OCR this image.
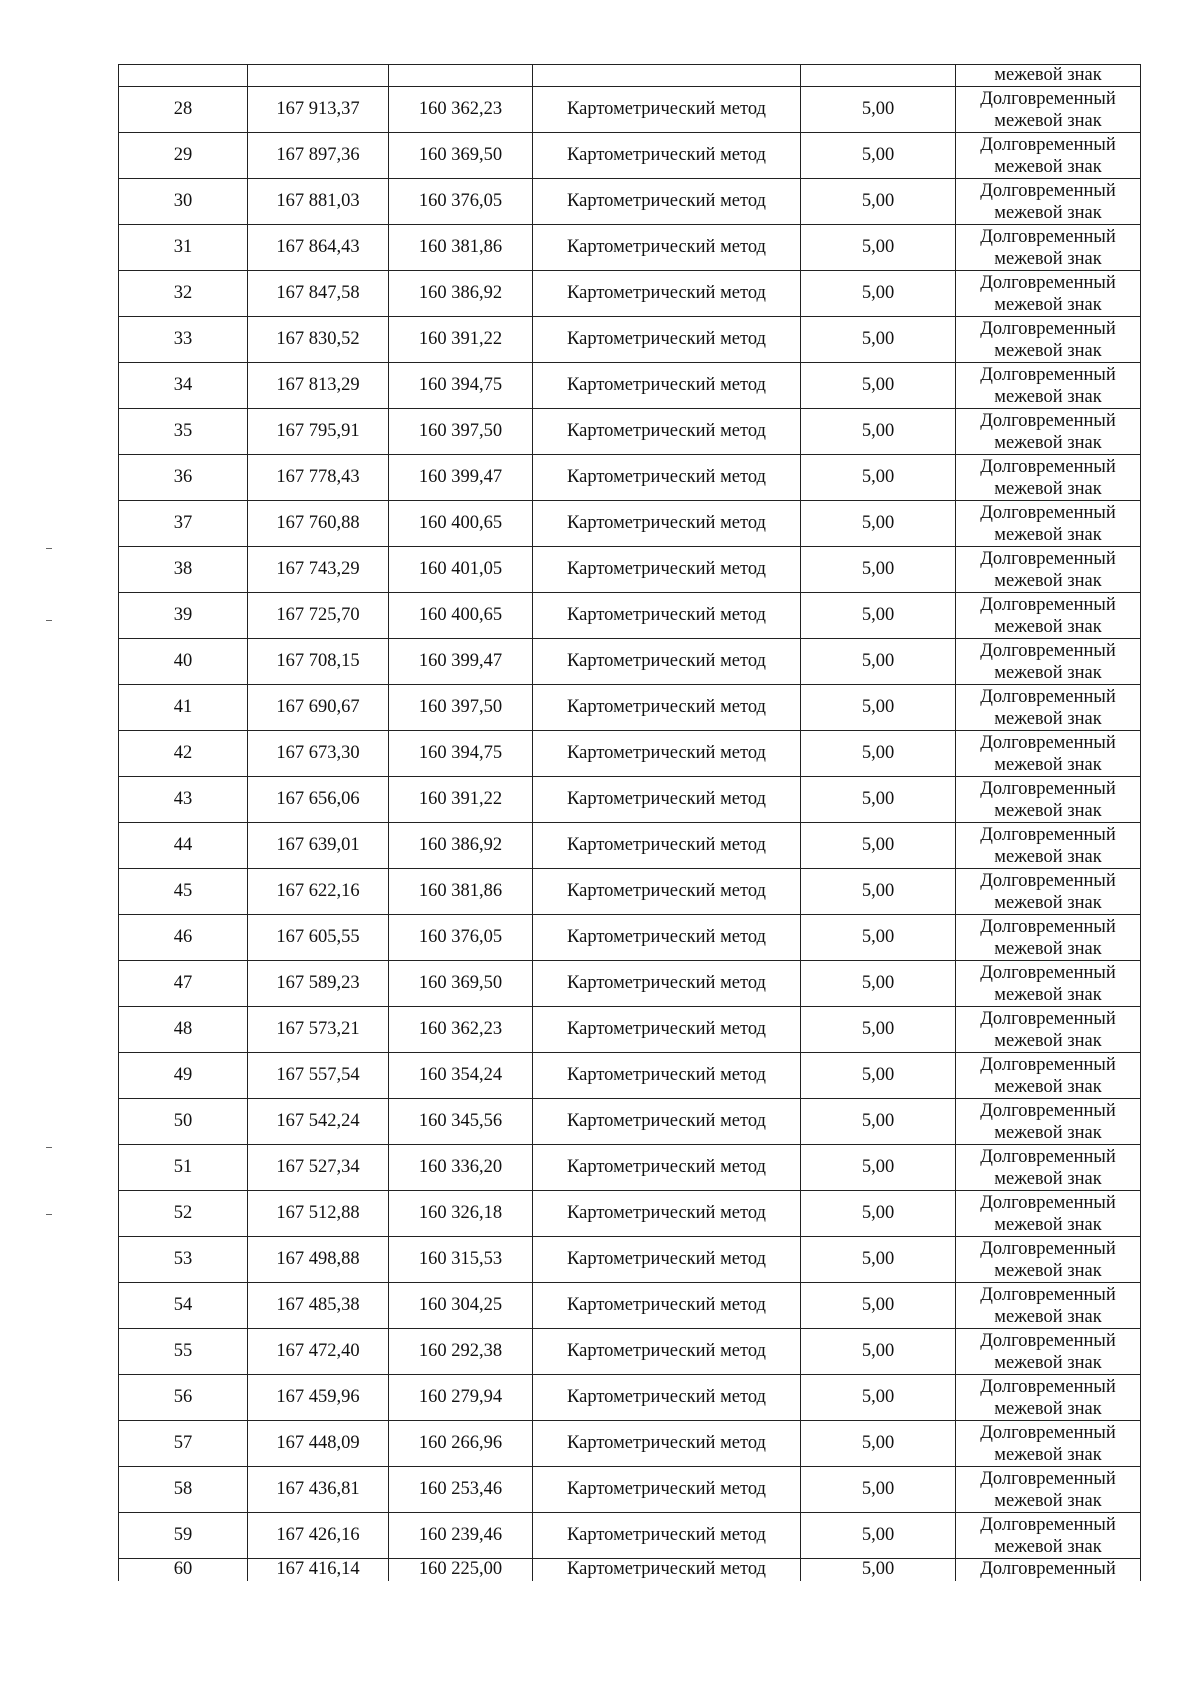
					межевой знак
28	167 913,37	160 362,23	Картометрический метод	5,00	Долговременный
межевой знак

29	167 897,36	160 369,50	Картометрический метод	5,00	Долговременный
межевой знак

30	167 881,03	160 376,05	Картометрический метод	5,00	Долговременный
межевой знак

31	167 864,43	160 381,86	Картометрический метод	5,00	Долговременный
межевой знак

32	167 847,58	160 386,92	Картометрический метод	5,00	Долговременный
межевой знак

33	167 830,52	160 391,22	Картометрический метод	5,00	Долговременный
межевой знак

34	167 813,29	160 394,75	Картометрический метод	5,00	Долговременный
межевой знак

35	167 795,91	160 397,50	Картометрический метод	5,00	Долговременный
межевой знак

36	167 778,43	160 399,47	Картометрический метод	5,00	Долговременный
межевой знак

37	167 760,88	160 400,65	Картометрический метод	5,00	Долговременный
межевой знак

38	167 743,29	160 401,05	Картометрический метод	5,00	Долговременный
межевой знак

39	167 725,70	160 400,65	Картометрический метод	5,00	Долговременный
межевой знак

40	167 708,15	160 399,47	Картометрический метод	5,00	Долговременный
межевой знак

41	167 690,67	160 397,50	Картометрический метод	5,00	Долговременный
межевой знак

42	167 673,30	160 394,75	Картометрический метод	5,00	Долговременный
межевой знак

43	167 656,06	160 391,22	Картометрический метод	5,00	Долговременный
межевой знак

44	167 639,01	160 386,92	Картометрический метод	5,00	Долговременный
межевой знак

45	167 622,16	160 381,86	Картометрический метод	5,00	Долговременный
межевой знак

46	167 605,55	160 376,05	Картометрический метод	5,00	Долговременный
межевой знак

47	167 589,23	160 369,50	Картометрический метод	5,00	Долговременный
межевой знак

48	167 573,21	160 362,23	Картометрический метод	5,00	Долговременный
межевой знак

49	167 557,54	160 354,24	Картометрический метод	5,00	Долговременный
межевой знак

50	167 542,24	160 345,56	Картометрический метод	5,00	Долговременный
межевой знак

51	167 527,34	160 336,20	Картометрический метод	5,00	Долговременный
межевой знак

52	167 512,88	160 326,18	Картометрический метод	5,00	Долговременный
межевой знак

53	167 498,88	160 315,53	Картометрический метод	5,00	Долговременный
межевой знак

54	167 485,38	160 304,25	Картометрический метод	5,00	Долговременный
межевой знак

55	167 472,40	160 292,38	Картометрический метод	5,00	Долговременный
межевой знак

56	167 459,96	160 279,94	Картометрический метод	5,00	Долговременный
межевой знак

57	167 448,09	160 266,96	Картометрический метод	5,00	Долговременный
межевой знак

58	167 436,81	160 253,46	Картометрический метод	5,00	Долговременный
межевой знак

59	167 426,16	160 239,46	Картометрический метод	5,00	Долговременный
межевой знак

60	167 416,14	160 225,00	Картометрический метод	5,00	Долговременный
